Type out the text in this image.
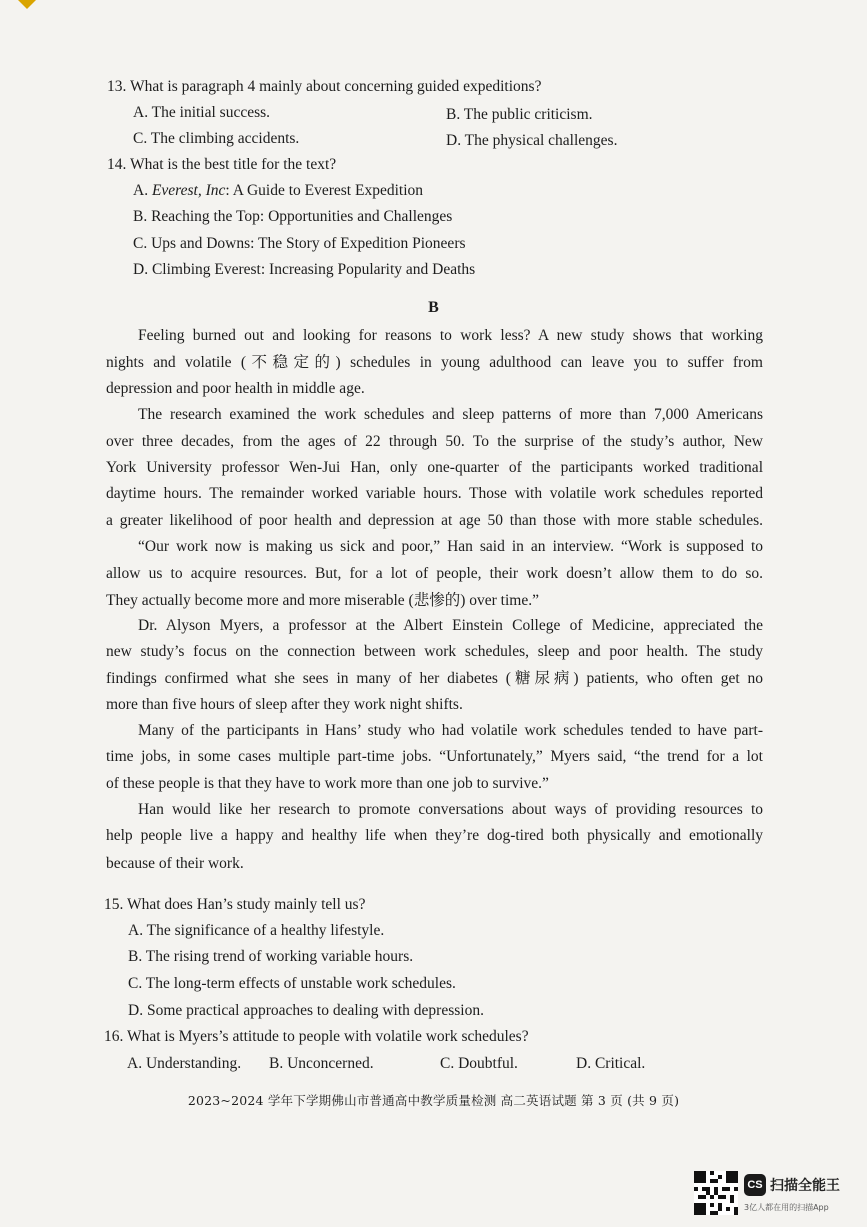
13. What is paragraph 4 mainly about concerning guided expeditions?
A. The initial success.	B. The public criticism.
C. The climbing accidents.	D. The physical challenges.
14. What is the best title for the text?
A. Everest, Inc: A Guide to Everest Expedition
B. Reaching the Top: Opportunities and Challenges
C. Ups and Downs: The Story of Expedition Pioneers
D. Climbing Everest: Increasing Popularity and Deaths
B
Feeling burned out and looking for reasons to work less? A new study shows that working
nights and volatile (不稳定的) schedules in young adulthood can leave you to suffer from
depression and poor health in middle age.
The research examined the work schedules and sleep patterns of more than 7,000 Americans
over three decades, from the ages of 22 through 50. To the surprise of the study’s author, New
York University professor Wen-Jui Han, only one-quarter of the participants worked traditional
daytime hours. The remainder worked variable hours. Those with volatile work schedules reported
a greater likelihood of poor health and depression at age 50 than those with more stable schedules.
“Our work now is making us sick and poor,” Han said in an interview. “Work is supposed to
allow us to acquire resources. But, for a lot of people, their work doesn’t allow them to do so.
They actually become more and more miserable (悲惨的) over time.”
Dr. Alyson Myers, a professor at the Albert Einstein College of Medicine, appreciated the
new study’s focus on the connection between work schedules, sleep and poor health. The study
findings confirmed what she sees in many of her diabetes (糖尿病) patients, who often get no
more than five hours of sleep after they work night shifts.
Many of the participants in Hans’ study who had volatile work schedules tended to have part-
time jobs, in some cases multiple part-time jobs. “Unfortunately,” Myers said, “the trend for a lot
of these people is that they have to work more than one job to survive.”
Han would like her research to promote conversations about ways of providing resources to
help people live a happy and healthy life when they’re dog-tired both physically and emotionally
because of their work.
15. What does Han’s study mainly tell us?
A. The significance of a healthy lifestyle.
B. The rising trend of working variable hours.
C. The long-term effects of unstable work schedules.
D. Some practical approaches to dealing with depression.
16. What is Myers’s attitude to people with volatile work schedules?
A. Understanding. B. Unconcerned.	C. Doubtful.	D. Critical.
2023~2024 学年下学期佛山市普通高中教学质量检测 高二英语试题 第 3 页 (共 9 页)
CS 扫描全能王
3亿人都在用的扫描App
